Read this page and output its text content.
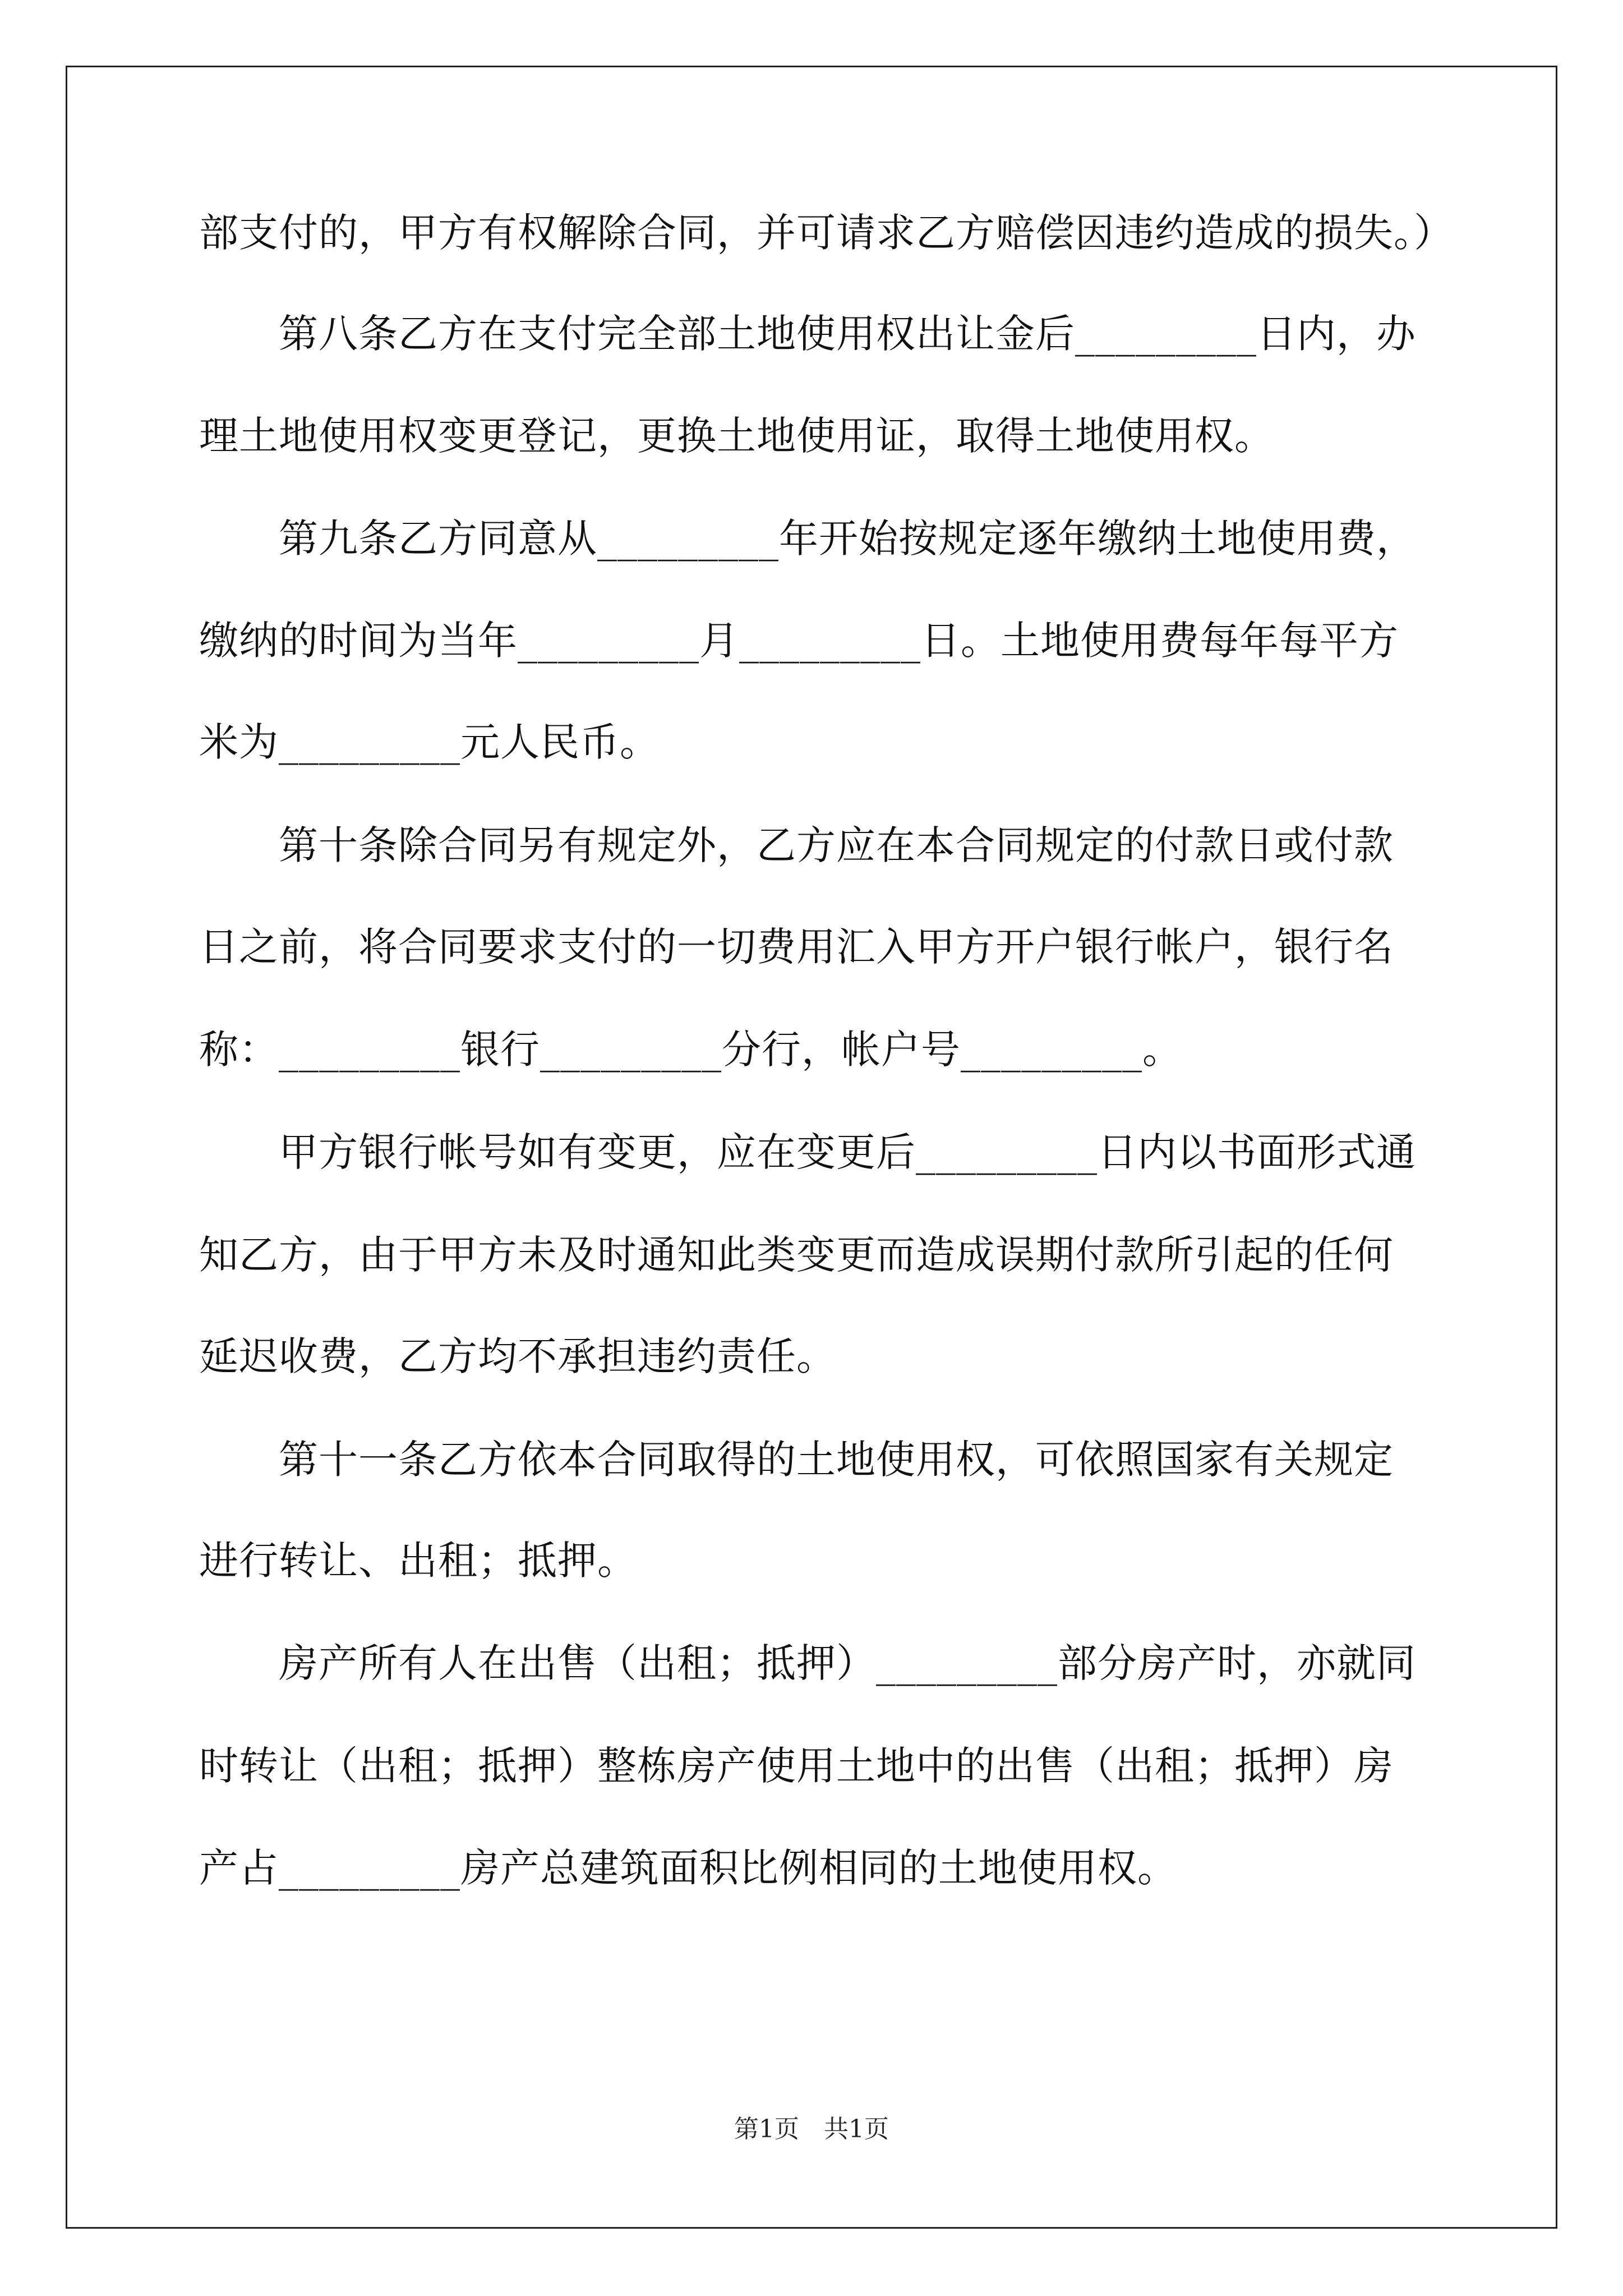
部支付的，甲方有权解除合同，并可请求乙方赔偿因违约造成的损失。）
　　第八条乙方在支付完全部土地使用权出让金后_________日内，办
理土地使用权变更登记，更换土地使用证，取得土地使用权。
　　第九条乙方同意从_________年开始按规定逐年缴纳土地使用费，
缴纳的时间为当年_________月_________日。土地使用费每年每平方
米为_________元人民币。
　　第十条除合同另有规定外，乙方应在本合同规定的付款日或付款
日之前，将合同要求支付的一切费用汇入甲方开户银行帐户，银行名
称：_________银行_________分行，帐户号_________。
　　甲方银行帐号如有变更，应在变更后_________日内以书面形式通
知乙方，由于甲方未及时通知此类变更而造成误期付款所引起的任何
延迟收费，乙方均不承担违约责任。
　　第十一条乙方依本合同取得的土地使用权，可依照国家有关规定
进行转让、出租；抵押。
　　房产所有人在出售（出租；抵押）_________部分房产时，亦就同
时转让（出租；抵押）整栋房产使用土地中的出售（出租；抵押）房
产占_________房产总建筑面积比例相同的土地使用权。
第1页　共1页
